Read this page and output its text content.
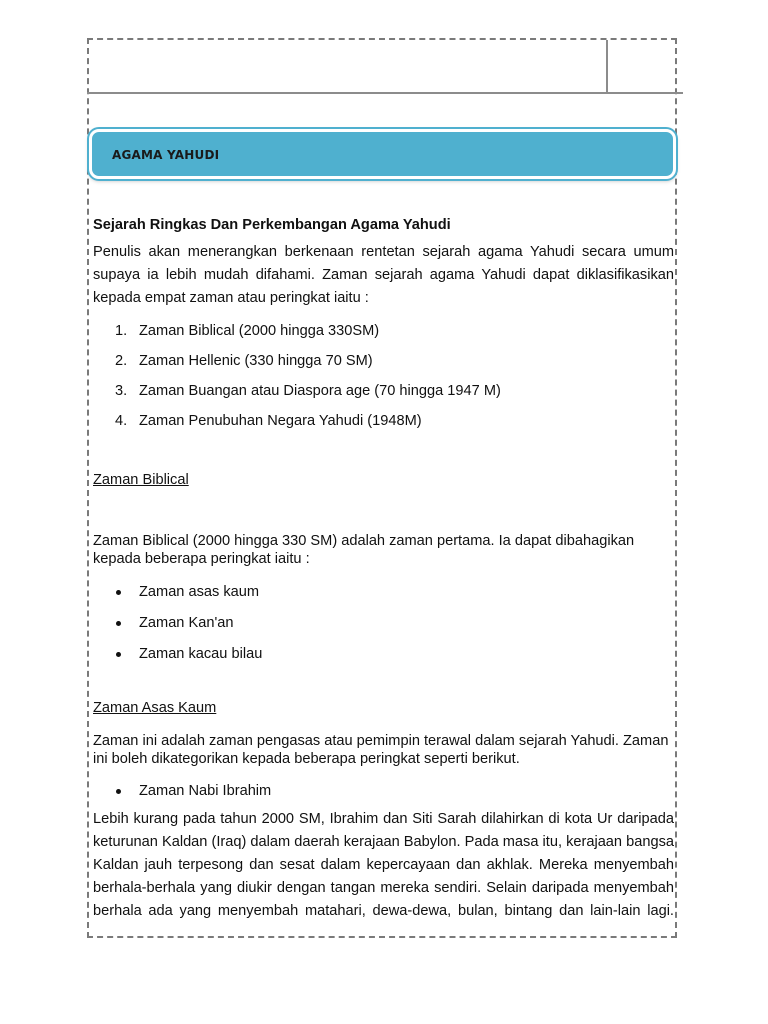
AGAMA YAHUDI

Sejarah Ringkas Dan Perkembangan Agama Yahudi

Penulis akan menerangkan berkenaan rentetan sejarah agama Yahudi secara umum supaya ia lebih mudah difahami. Zaman sejarah agama Yahudi dapat diklasifikasikan kepada empat zaman atau peringkat iaitu :

1. Zaman Biblical (2000 hingga 330SM)
2. Zaman Hellenic (330 hingga 70 SM)
3. Zaman Buangan atau Diaspora age (70 hingga 1947 M)
4. Zaman Penubuhan Negara Yahudi (1948M)

Zaman Biblical

Zaman Biblical (2000 hingga 330 SM) adalah zaman pertama. Ia dapat dibahagikan kepada beberapa peringkat iaitu :

Zaman asas kaum
Zaman Kan'an
Zaman kacau bilau

Zaman Asas Kaum

Zaman ini adalah zaman pengasas atau pemimpin terawal dalam sejarah Yahudi. Zaman ini boleh dikategorikan kepada beberapa peringkat seperti berikut.

Zaman Nabi Ibrahim

Lebih kurang pada tahun 2000 SM, Ibrahim dan Siti Sarah dilahirkan di kota Ur daripada

keturunan Kaldan (Iraq) dalam daerah kerajaan Babylon. Pada masa itu, kerajaan bangsa

Kaldan jauh terpesong dan sesat dalam kepercayaan dan akhlak. Mereka menyembah

berhala-berhala yang diukir dengan tangan mereka sendiri. Selain daripada menyembah

berhala ada yang menyembah matahari, dewa-dewa, bulan, bintang dan lain-lain lagi.
